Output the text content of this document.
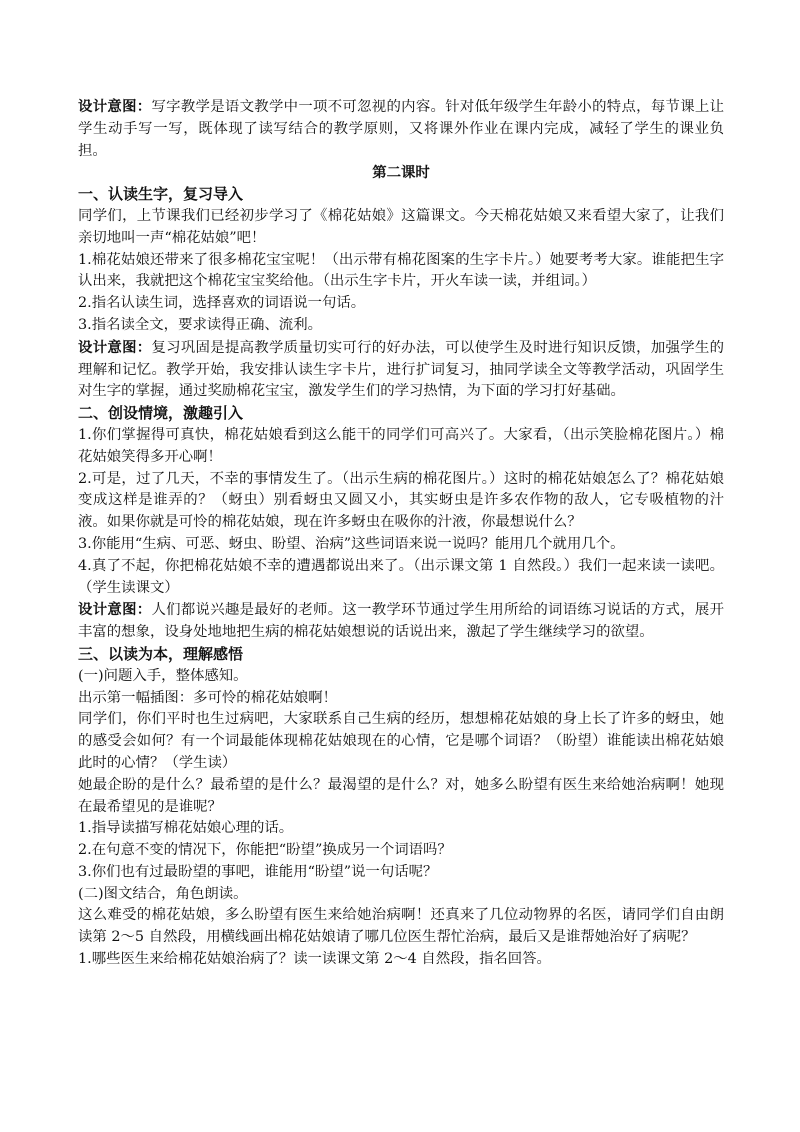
设计意图：写字教学是语文教学中一项不可忽视的内容。针对低年级学生年龄小的特点，每节课上让学生动手写一写，既体现了读写结合的教学原则，又将课外作业在课内完成，减轻了学生的课业负担。

第二课时

一、认读生字，复习导入

同学们，上节课我们已经初步学习了《棉花姑娘》这篇课文。今天棉花姑娘又来看望大家了，让我们亲切地叫一声“棉花姑娘”吧！

1.棉花姑娘还带来了很多棉花宝宝呢！（出示带有棉花图案的生字卡片。）她要考考大家。谁能把生字认出来，我就把这个棉花宝宝奖给他。（出示生字卡片，开火车读一读，并组词。）

2.指名认读生词，选择喜欢的词语说一句话。

3.指名读全文，要求读得正确、流利。

设计意图：复习巩固是提高教学质量切实可行的好办法，可以使学生及时进行知识反馈，加强学生的理解和记忆。教学开始，我安排认读生字卡片，进行扩词复习，抽同学读全文等教学活动，巩固学生对生字的掌握，通过奖励棉花宝宝，激发学生们的学习热情，为下面的学习打好基础。

二、创设情境，激趣引入

1.你们掌握得可真快，棉花姑娘看到这么能干的同学们可高兴了。大家看，（出示笑脸棉花图片。）棉花姑娘笑得多开心啊！

2.可是，过了几天，不幸的事情发生了。（出示生病的棉花图片。）这时的棉花姑娘怎么了？棉花姑娘变成这样是谁弄的？（蚜虫）别看蚜虫又圆又小，其实蚜虫是许多农作物的敌人，它专吸植物的汁液。如果你就是可怜的棉花姑娘，现在许多蚜虫在吸你的汁液，你最想说什么？

3.你能用“生病、可恶、蚜虫、盼望、治病”这些词语来说一说吗？能用几个就用几个。

4.真了不起，你把棉花姑娘不幸的遭遇都说出来了。（出示课文第 1 自然段。）我们一起来读一读吧。（学生读课文）

设计意图：人们都说兴趣是最好的老师。这一教学环节通过学生用所给的词语练习说话的方式，展开丰富的想象，设身处地地把生病的棉花姑娘想说的话说出来，激起了学生继续学习的欲望。

三、以读为本，理解感悟

(一)问题入手，整体感知。

出示第一幅插图：多可怜的棉花姑娘啊！

同学们，你们平时也生过病吧，大家联系自己生病的经历，想想棉花姑娘的身上长了许多的蚜虫，她的感受会如何？有一个词最能体现棉花姑娘现在的心情，它是哪个词语？（盼望）谁能读出棉花姑娘此时的心情？（学生读）

她最企盼的是什么？最希望的是什么？最渴望的是什么？对，她多么盼望有医生来给她治病啊！她现在最希望见的是谁呢？

1.指导读描写棉花姑娘心理的话。

2.在句意不变的情况下，你能把“盼望”换成另一个词语吗？

3.你们也有过最盼望的事吧，谁能用“盼望”说一句话呢？

(二)图文结合，角色朗读。

这么难受的棉花姑娘，多么盼望有医生来给她治病啊！还真来了几位动物界的名医，请同学们自由朗读第 2～5 自然段，用横线画出棉花姑娘请了哪几位医生帮忙治病，最后又是谁帮她治好了病呢？

1.哪些医生来给棉花姑娘治病了？读一读课文第 2～4 自然段，指名回答。
